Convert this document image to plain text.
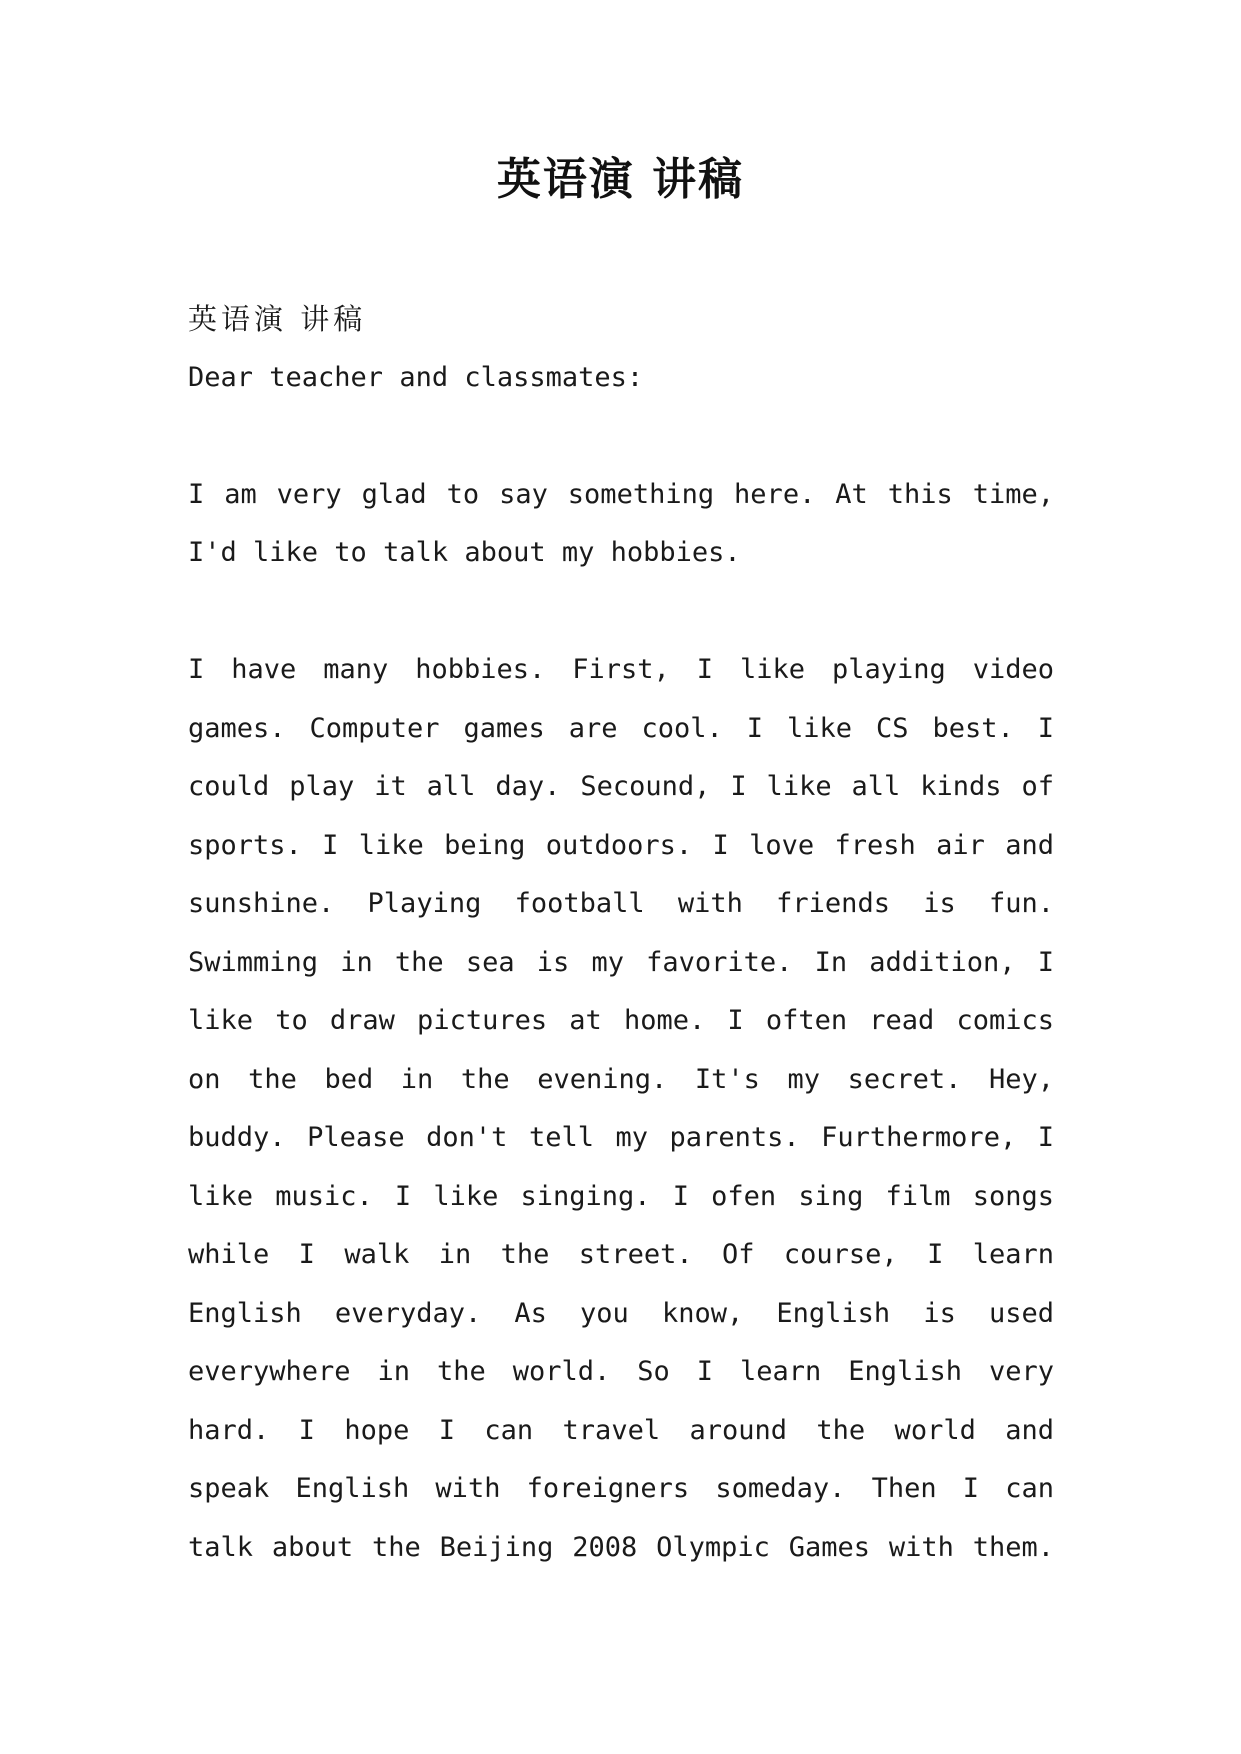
英语演 讲稿
英语演 讲稿
Dear teacher and classmates:
I am very glad to say something here. At this time,
I'd like to talk about my hobbies.
I have many hobbies. First, I like playing video
games. Computer games are cool. I like CS best. I
could play it all day. Secound, I like all kinds of
sports. I like being outdoors. I love fresh air and
sunshine. Playing football with friends is fun.
Swimming in the sea is my favorite. In addition, I
like to draw pictures at home. I often read comics
on the bed in the evening. It's my secret. Hey,
buddy. Please don't tell my parents. Furthermore, I
like music. I like singing. I ofen sing film songs
while I walk in the street. Of course, I learn
English everyday. As you know, English is used
everywhere in the world. So I learn English very
hard. I hope I can travel around the world and
speak English with foreigners someday. Then I can
talk about the Beijing 2008 Olympic Games with them.
